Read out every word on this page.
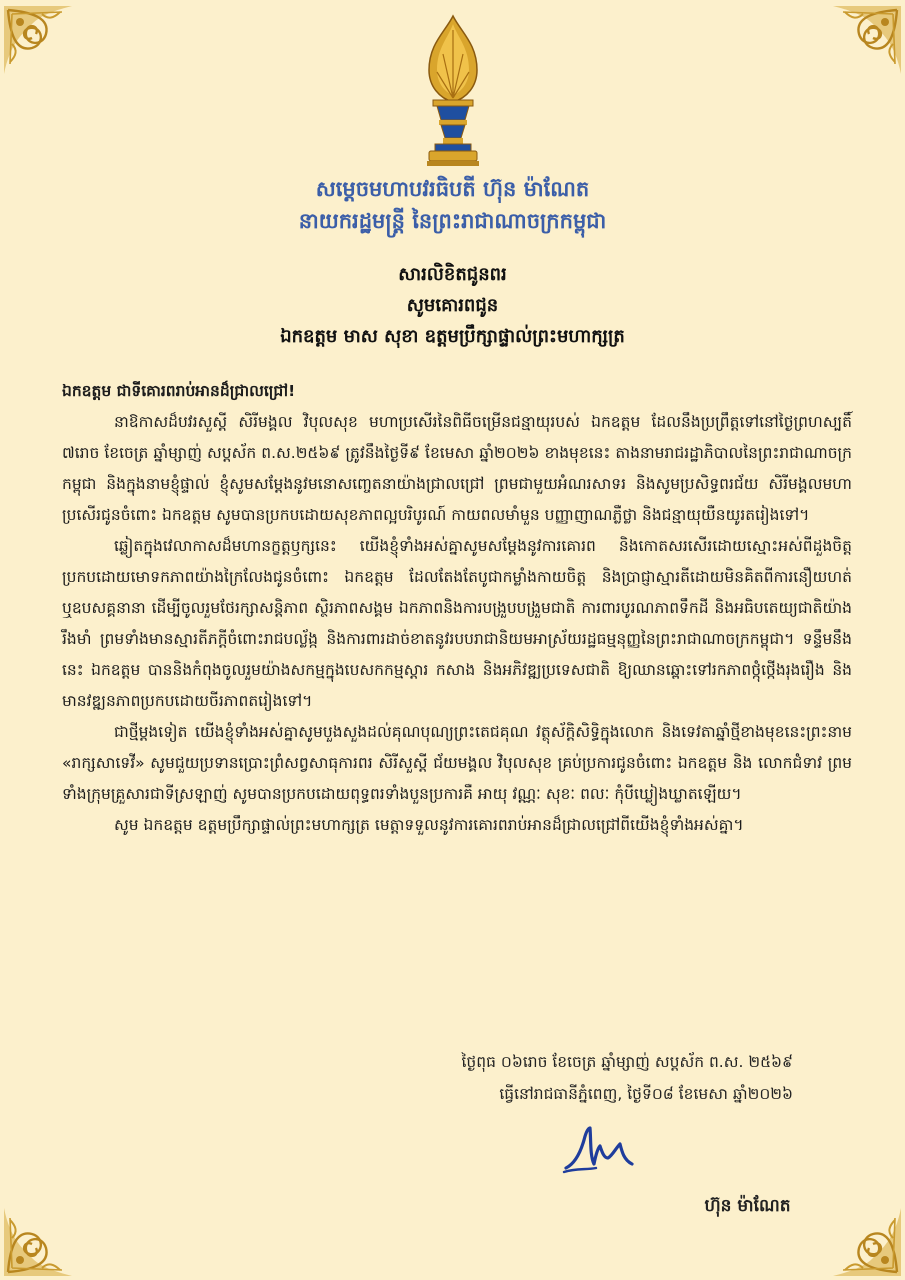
សម្តេចមហាបវរធិបតី ហ៊ុន ម៉ាណែត
នាយករដ្ឋមន្ត្រី នៃព្រះរាជាណាចក្រកម្ពុជា
សារលិខិតជូនពរ
សូមគោរពជូន
ឯកឧត្តម មាស សុខា ឧត្តមប្រឹក្សាផ្ទាល់ព្រះមហាក្សត្រ

ឯកឧត្តម ជាទីគោរពរាប់អានដ៏ជ្រាលជ្រៅ!

នាឱកាសដ៏បវរសួស្តី សិរីមង្គល វិបុលសុខ មហាប្រសើរនៃពិធីចម្រើនជន្មាយុរបស់ ឯកឧត្តម ដែលនឹងប្រព្រឹត្តទៅនៅថ្ងៃព្រហស្បតិ៍ ៧រោច ខែចេត្រ ឆ្នាំម្សាញ់ សប្តស័ក ព.ស.២៥៦៩ ត្រូវនឹងថ្ងៃទី៩ ខែមេសា ឆ្នាំ២០២៦ ខាងមុខនេះ តាងនាមរាជរដ្ឋាភិបាលនៃព្រះរាជាណាចក្រកម្ពុជា និងក្នុងនាមខ្ញុំផ្ទាល់ ខ្ញុំសូមសម្តែងនូវមនោសញ្ចេតនាយ៉ាងជ្រាលជ្រៅ ព្រមជាមួយអំណរសាទរ និងសូមប្រសិទ្ធពរជ័យ សិរីមង្គលមហាប្រសើរជូនចំពោះ ឯកឧត្តម សូមបានប្រកបដោយសុខភាពល្អបរិបូរណ៍ កាយពលមាំមួន បញ្ញាញាណភ្លឺថ្លា និងជន្មាយុយឺនយូរតរៀងទៅ។

ឆ្លៀតក្នុងវេលាកាសដ៏មហានក្ខត្តឫក្សនេះ យើងខ្ញុំទាំងអស់គ្នាសូមសម្តែងនូវការគោរព និងកោតសរសើរដោយស្មោះអស់ពីដួងចិត្តប្រកបដោយមោទកភាពយ៉ាងក្រៃលែងជូនចំពោះ ឯកឧត្តម ដែលតែងតែបូជាកម្លាំងកាយចិត្ត និងប្រាជ្ញាស្មារតីដោយមិនគិតពីការនឿយហត់ ឬឧបសគ្គនានា ដើម្បីចូលរួមថែរក្សាសន្តិភាព ស្ថិរភាពសង្គម ឯកភាពនិងការបង្រួបបង្រួមជាតិ ការពារបូរណភាពទឹកដី និងអធិបតេយ្យជាតិយ៉ាងរឹងមាំ ព្រមទាំងមានស្មារតីភក្តីចំពោះរាជបល្ល័ង្ក និងការពារដាច់ខាតនូវរបបរាជានិយមអាស្រ័យរដ្ឋធម្មនុញ្ញនៃព្រះរាជាណាចក្រកម្ពុជា។ ទន្ទឹមនឹងនេះ ឯកឧត្តម បាននិងកំពុងចូលរួមយ៉ាងសកម្មក្នុងបេសកកម្មស្តារ កសាង និងអភិវឌ្ឍប្រទេសជាតិ ឱ្យឈានឆ្ពោះទៅរកភាពថ្កុំថ្កើងរុងរឿង និងមានវឌ្ឍនភាពប្រកបដោយចីរភាពតរៀងទៅ។

ជាថ្មីម្តងទៀត យើងខ្ញុំទាំងអស់គ្នាសូមបួងសួងដល់គុណបុណ្យព្រះតេជគុណ វត្ថុស័ក្តិសិទ្ធិក្នុងលោក និងទេវតាឆ្នាំថ្មីខាងមុខនេះព្រះនាម «រាក្សសាទេវី» សូមជួយប្រទានប្រោះព្រំសព្វសាធុការពរ សិរីសួស្តី ជ័យមង្គល វិបុលសុខ គ្រប់ប្រការជូនចំពោះ ឯកឧត្តម និង លោកជំទាវ ព្រមទាំងក្រុមគ្រួសារជាទីស្រឡាញ់ សូមបានប្រកបដោយពុទ្ធពរទាំងបួនប្រការគឺ អាយុ វណ្ណៈ សុខៈ ពលៈ កុំបីឃ្លៀងឃ្លាតឡើយ។

សូម ឯកឧត្តម ឧត្តមប្រឹក្សាផ្ទាល់ព្រះមហាក្សត្រ មេត្តាទទួលនូវការគោរពរាប់អានដ៏ជ្រាលជ្រៅពីយើងខ្ញុំទាំងអស់គ្នា។

ថ្ងៃពុធ ០៦រោច ខែចេត្រ ឆ្នាំម្សាញ់ សប្តស័ក ព.ស. ២៥៦៩
ធ្វើនៅរាជធានីភ្នំពេញ, ថ្ងៃទី០៨ ខែមេសា ឆ្នាំ២០២៦
ហ៊ុន ម៉ាណែត
